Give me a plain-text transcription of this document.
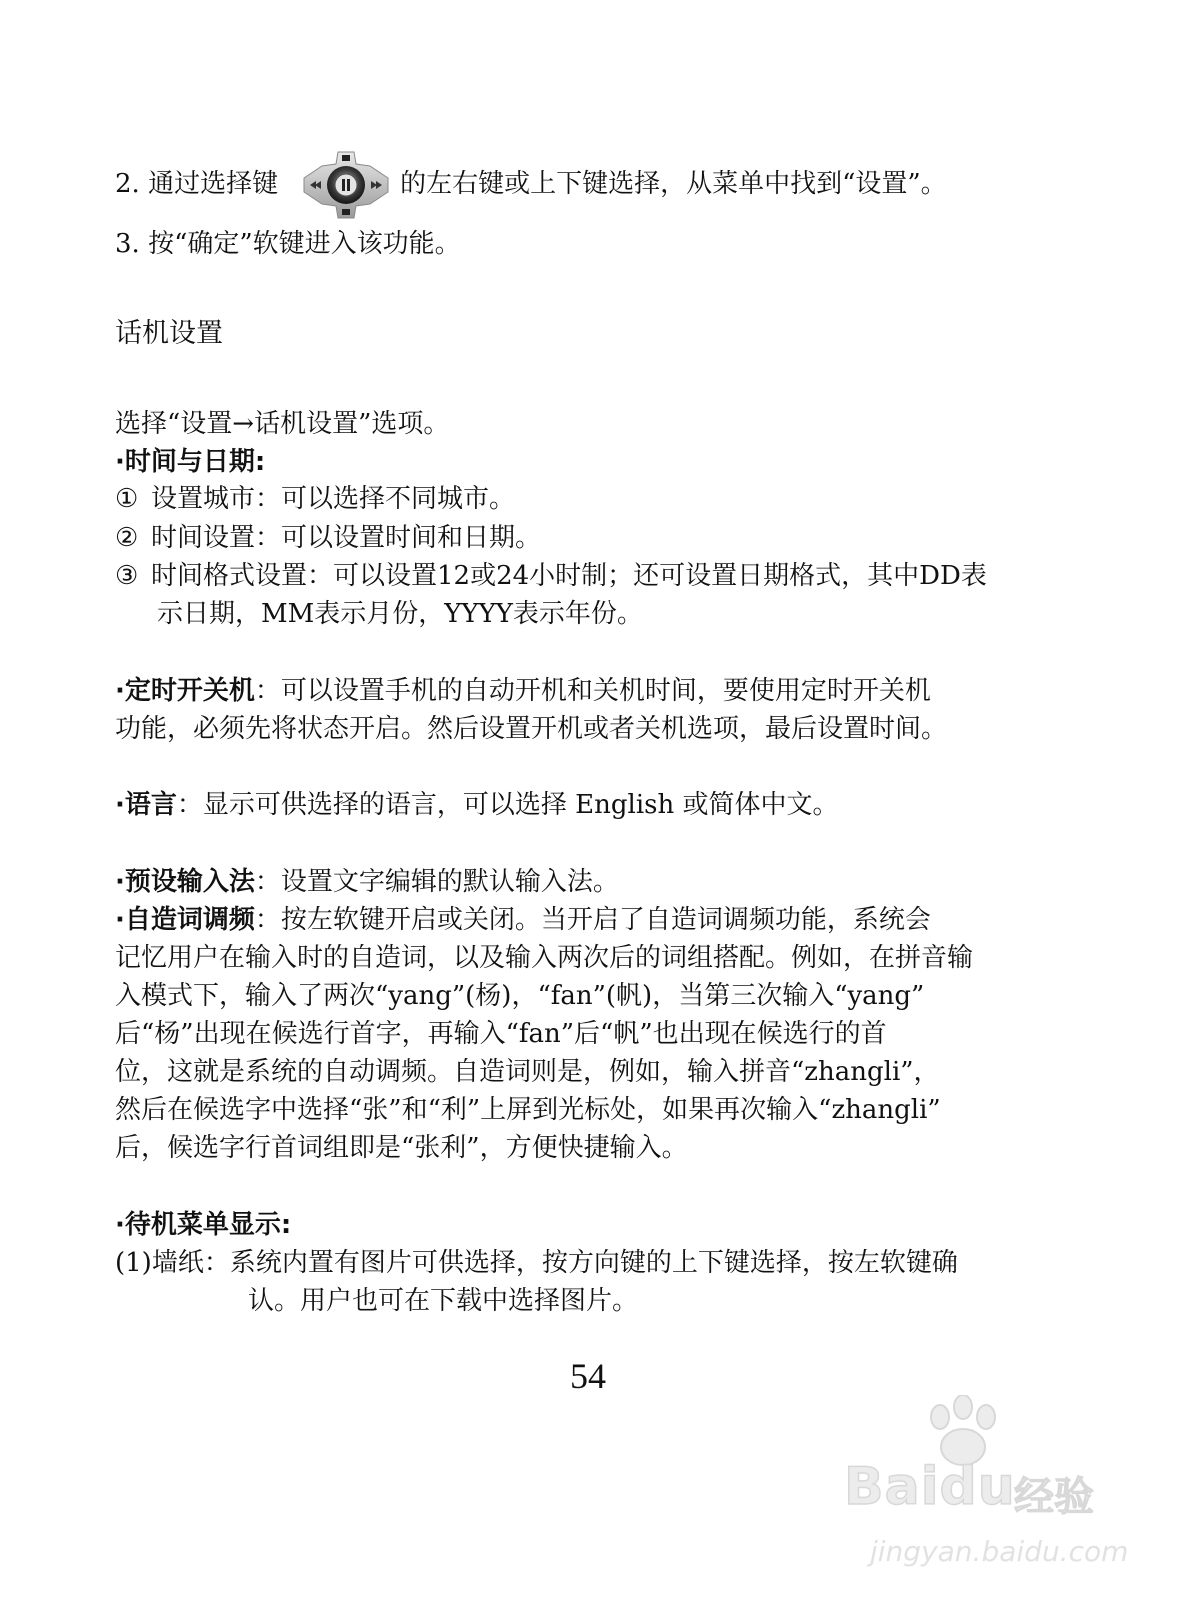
2. 通过选择键	的左右键或上下键选择，从菜单中找到“设置”。
3. 按“确定”软键进入该功能。
话机设置
选择“设置→话机设置”选项。
·时间与日期:
① 设置城市：可以选择不同城市。
② 时间设置：可以设置时间和日期。
③ 时间格式设置：可以设置12或24小时制；还可设置日期格式，其中DD表
示日期，MM表示月份，YYYY表示年份。
·定时开关机：可以设置手机的自动开机和关机时间，要使用定时开关机
功能，必须先将状态开启。然后设置开机或者关机选项，最后设置时间。
·语言：显示可供选择的语言，可以选择 English 或简体中文。
·预设输入法：设置文字编辑的默认输入法。
·自造词调频：按左软键开启或关闭。当开启了自造词调频功能，系统会
记忆用户在输入时的自造词，以及输入两次后的词组搭配。例如，在拼音输
入模式下，输入了两次“yang”(杨)，“fan”(帆)，当第三次输入“yang”
后“杨”出现在候选行首字，再输入“fan”后“帆”也出现在候选行的首
位，这就是系统的自动调频。自造词则是，例如，输入拼音“zhangli”，
然后在候选字中选择“张”和“利”上屏到光标处，如果再次输入“zhangli”
后，候选字行首词组即是“张利”，方便快捷输入。
·待机菜单显示:
(1)墙纸：系统内置有图片可供选择，按方向键的上下键选择，按左软键确
认。用户也可在下载中选择图片。
54
Baidu
经验
jingyan.baidu.com
